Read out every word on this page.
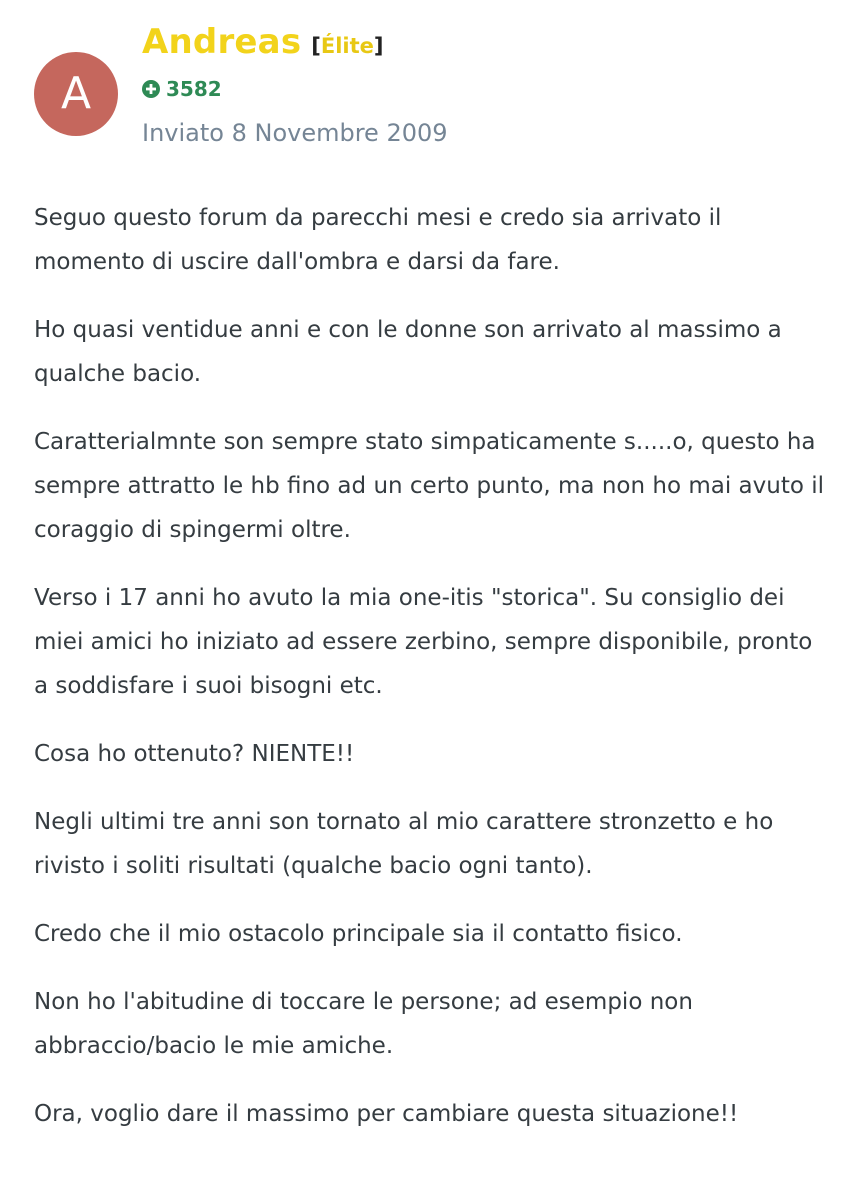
A
Andreas [Élite]
3582
Inviato 8 Novembre 2009

Seguo questo forum da parecchi mesi e credo sia arrivato il momento di uscire dall'ombra e darsi da fare.

Ho quasi ventidue anni e con le donne son arrivato al massimo a qualche bacio.

Caratterialmnte son sempre stato simpaticamente s.....o, questo ha sempre attratto le hb fino ad un certo punto, ma non ho mai avuto il coraggio di spingermi oltre.

Verso i 17 anni ho avuto la mia one-itis "storica". Su consiglio dei miei amici ho iniziato ad essere zerbino, sempre disponibile, pronto a soddisfare i suoi bisogni etc.

Cosa ho ottenuto? NIENTE!!

Negli ultimi tre anni son tornato al mio carattere stronzetto e ho rivisto i soliti risultati (qualche bacio ogni tanto).

Credo che il mio ostacolo principale sia il contatto fisico.

Non ho l'abitudine di toccare le persone; ad esempio non abbraccio/bacio le mie amiche.

Ora, voglio dare il massimo per cambiare questa situazione!!
